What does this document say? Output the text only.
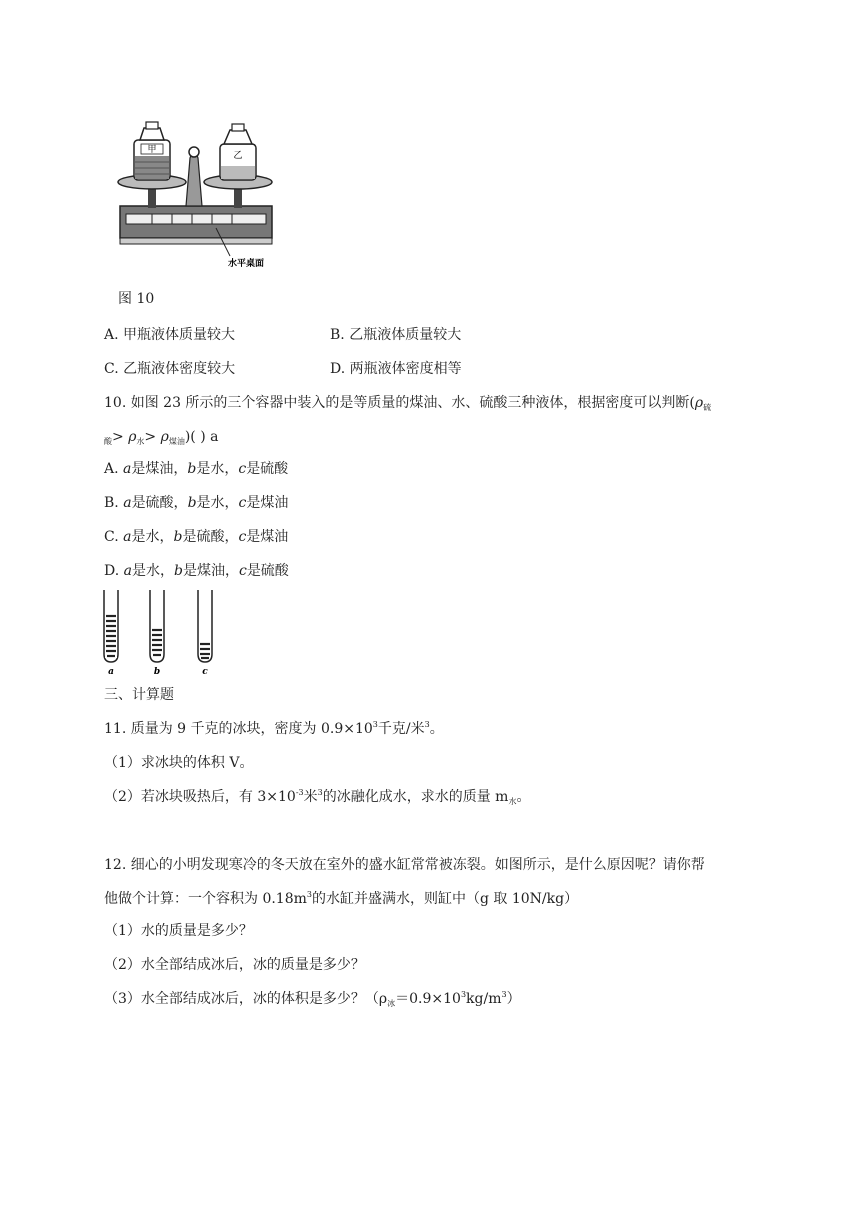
甲
乙
水平桌面
图 10
A. 甲瓶液体质量较大	B. 乙瓶液体质量较大
C. 乙瓶液体密度较大	D. 两瓶液体密度相等
10. 如图 23 所示的三个容器中装入的是等质量的煤油、水、硫酸三种液体，根据密度可以判断($\rho_硫$
$_酸> \rho_水> \rho_{煤油}$)( ) a
A. a是煤油，b是水，c是硫酸
B. a是硫酸，b是水，c是煤油
C. a是水，b是硫酸，c是煤油
D. a是水，b是煤油，c是硫酸
a	b	c
三、计算题
11. 质量为 9 千克的冰块，密度为 $0.9\times 10^3$千克/米$^3$。
（1）求冰块的体积 V。
（2）若冰块吸热后，有 $3\times 10^{-3}$米$^3$的冰融化成水，求水的质量 $m_水$。
12. 细心的小明发现寒冷的冬天放在室外的盛水缸常常被冻裂。如图所示，是什么原因呢？请你帮
他做个计算：一个容积为 $0.18m^3$的水缸并盛满水，则缸中（g 取 10N/kg）
（1）水的质量是多少？
（2）水全部结成冰后，冰的质量是多少？
（3）水全部结成冰后，冰的体积是多少？$(\rho_冰=0.9\times 10^3kg/m^3)$
